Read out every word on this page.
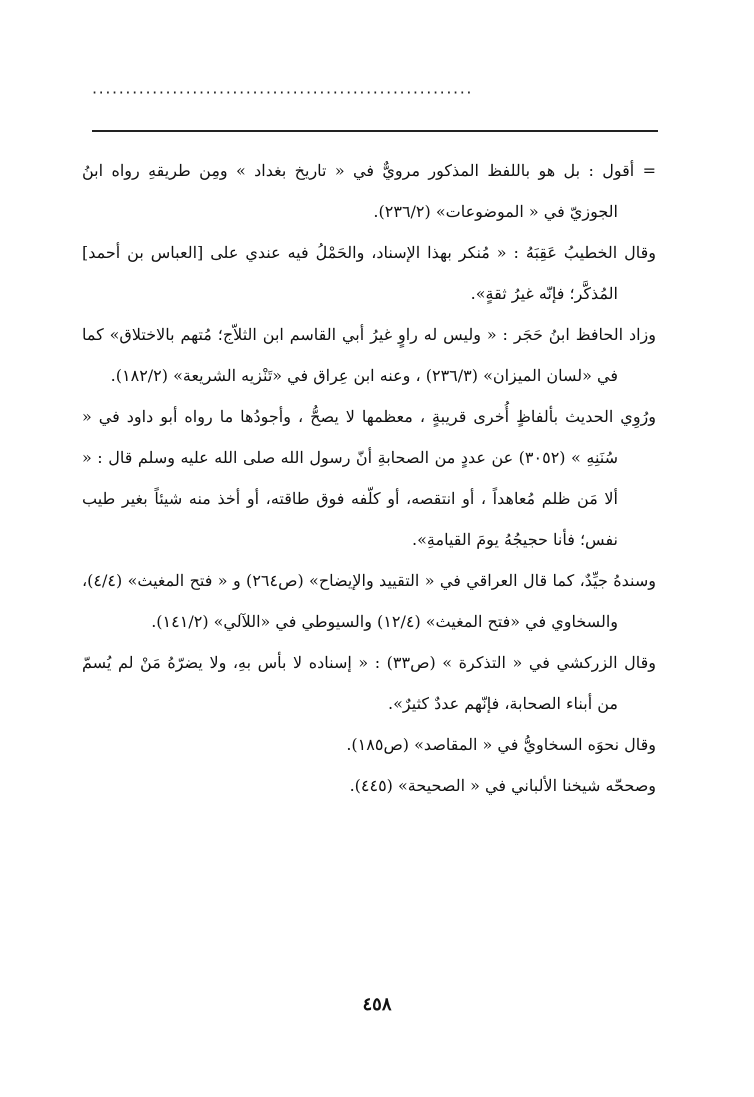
·························································

= أقول : بل هو باللفظ المذكور مرويٌّ في « تاريخ بغداد » ومِن طريقهِ رواه ابنُ الجوزيّ في « الموضوعات» (٢٣٦/٢).

وقال الخطيبُ عَقِبَهُ : « مُنكر بهذا الإسناد، والحَمْلُ فيه عندي على [العباس بن أحمد] المُذكَّر؛ فإنّه غيرُ ثقةٍ».

وزاد الحافظ ابنُ حَجَر : « وليس له راوٍ غيرُ أبي القاسم ابن الثلاّج؛ مُتهم بالاختلاق» كما في «لسان الميزان» (٢٣٦/٣) ، وعنه ابن عِراق في «تَنْزيه الشريعة» (١٨٢/٢).

ورُوِي الحديث بألفاظٍ أُخرى قريبةٍ ، معظمها لا يصحُّ ، وأجودُها ما رواه أبو داود في « سُنَنِهِ » (٣٠٥٢) عن عددٍ من الصحابةِ أنّ رسول الله صلى الله عليه وسلم قال : « ألا مَن ظلم مُعاهداً ، أو انتقصه، أو كلّفه فوق طاقته، أو أخذ منه شيئاً بغير طيب نفس؛ فأنا حجيجُهُ يومَ القيامةِ».

وسندهُ جيِّدٌ، كما قال العراقي في « التقييد والإيضاح» (ص٢٦٤) و « فتح المغيث» (٤/٤)، والسخاوي في «فتح المغيث» (١٢/٤) والسيوطي في «اللآلي» (١٤١/٢).

وقال الزركشي في « التذكرة » (ص٣٣) : « إسناده لا بأس بهِ، ولا يضرّهُ مَنْ لم يُسمّ من أبناء الصحابة، فإنّهم عددٌ كثيرٌ».

وقال نحوَه السخاويُّ في « المقاصد» (ص١٨٥).

وصححّه شيخنا الألباني في « الصحيحة» (٤٤٥).

٤٥٨
